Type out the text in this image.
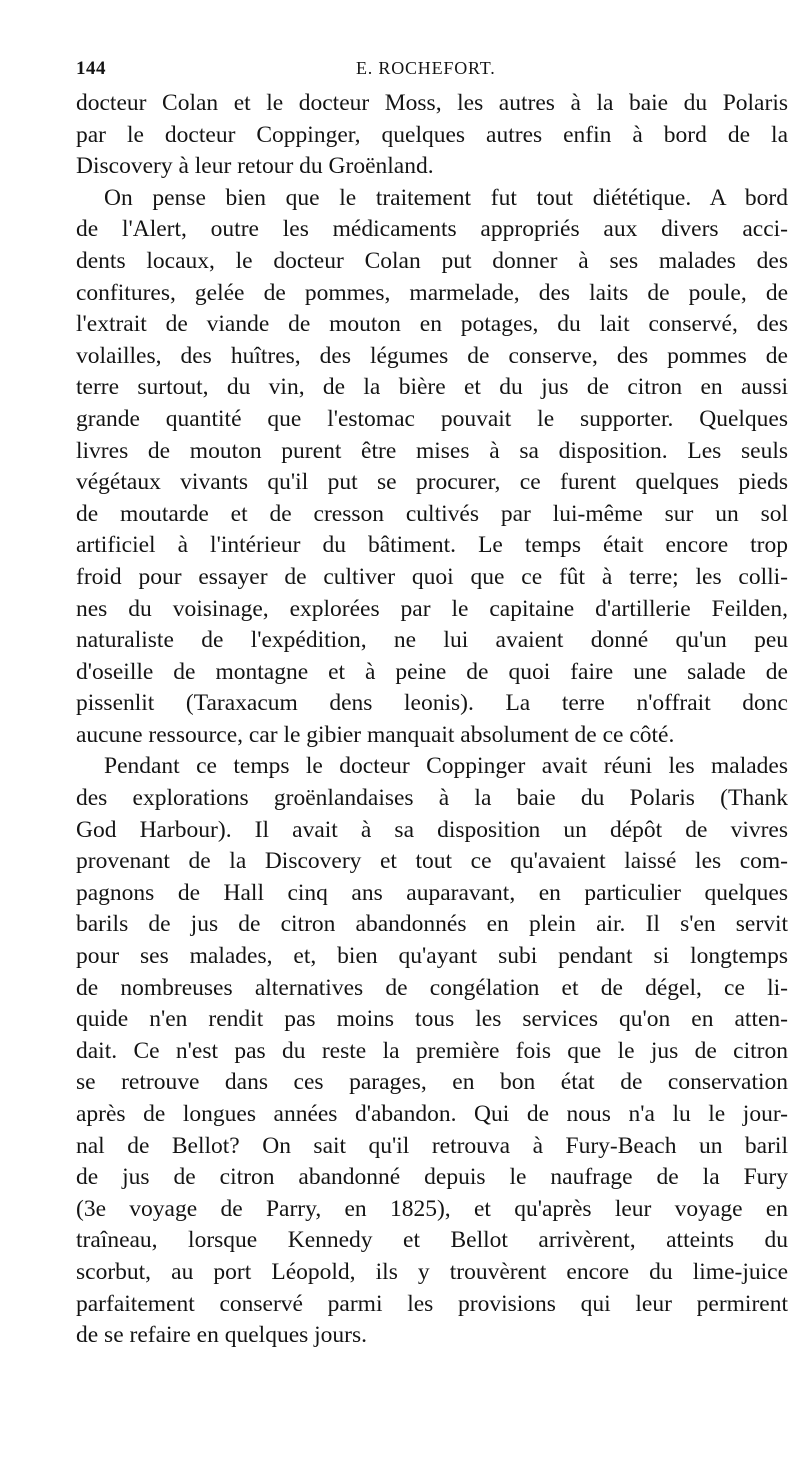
144	E. ROCHEFORT.
docteur Colan et le docteur Moss, les autres à la baie du Polaris
par le docteur Coppinger, quelques autres enfin à bord de la
Discovery à leur retour du Groënland.
On pense bien que le traitement fut tout diététique. A bord
de l'Alert, outre les médicaments appropriés aux divers acci-
dents locaux, le docteur Colan put donner à ses malades des
confitures, gelée de pommes, marmelade, des laits de poule, de
l'extrait de viande de mouton en potages, du lait conservé, des
volailles, des huîtres, des légumes de conserve, des pommes de
terre surtout, du vin, de la bière et du jus de citron en aussi
grande quantité que l'estomac pouvait le supporter. Quelques
livres de mouton purent être mises à sa disposition. Les seuls
végétaux vivants qu'il put se procurer, ce furent quelques pieds
de moutarde et de cresson cultivés par lui-même sur un sol
artificiel à l'intérieur du bâtiment. Le temps était encore trop
froid pour essayer de cultiver quoi que ce fût à terre; les colli-
nes du voisinage, explorées par le capitaine d'artillerie Feilden,
naturaliste de l'expédition, ne lui avaient donné qu'un peu
d'oseille de montagne et à peine de quoi faire une salade de
pissenlit (Taraxacum dens leonis). La terre n'offrait donc
aucune ressource, car le gibier manquait absolument de ce côté.
Pendant ce temps le docteur Coppinger avait réuni les malades
des explorations groënlandaises à la baie du Polaris (Thank
God Harbour). Il avait à sa disposition un dépôt de vivres
provenant de la Discovery et tout ce qu'avaient laissé les com-
pagnons de Hall cinq ans auparavant, en particulier quelques
barils de jus de citron abandonnés en plein air. Il s'en servit
pour ses malades, et, bien qu'ayant subi pendant si longtemps
de nombreuses alternatives de congélation et de dégel, ce li-
quide n'en rendit pas moins tous les services qu'on en atten-
dait. Ce n'est pas du reste la première fois que le jus de citron
se retrouve dans ces parages, en bon état de conservation
après de longues années d'abandon. Qui de nous n'a lu le jour-
nal de Bellot? On sait qu'il retrouva à Fury-Beach un baril
de jus de citron abandonné depuis le naufrage de la Fury
(3e voyage de Parry, en 1825), et qu'après leur voyage en
traîneau, lorsque Kennedy et Bellot arrivèrent, atteints du
scorbut, au port Léopold, ils y trouvèrent encore du lime-juice
parfaitement conservé parmi les provisions qui leur permirent
de se refaire en quelques jours.
